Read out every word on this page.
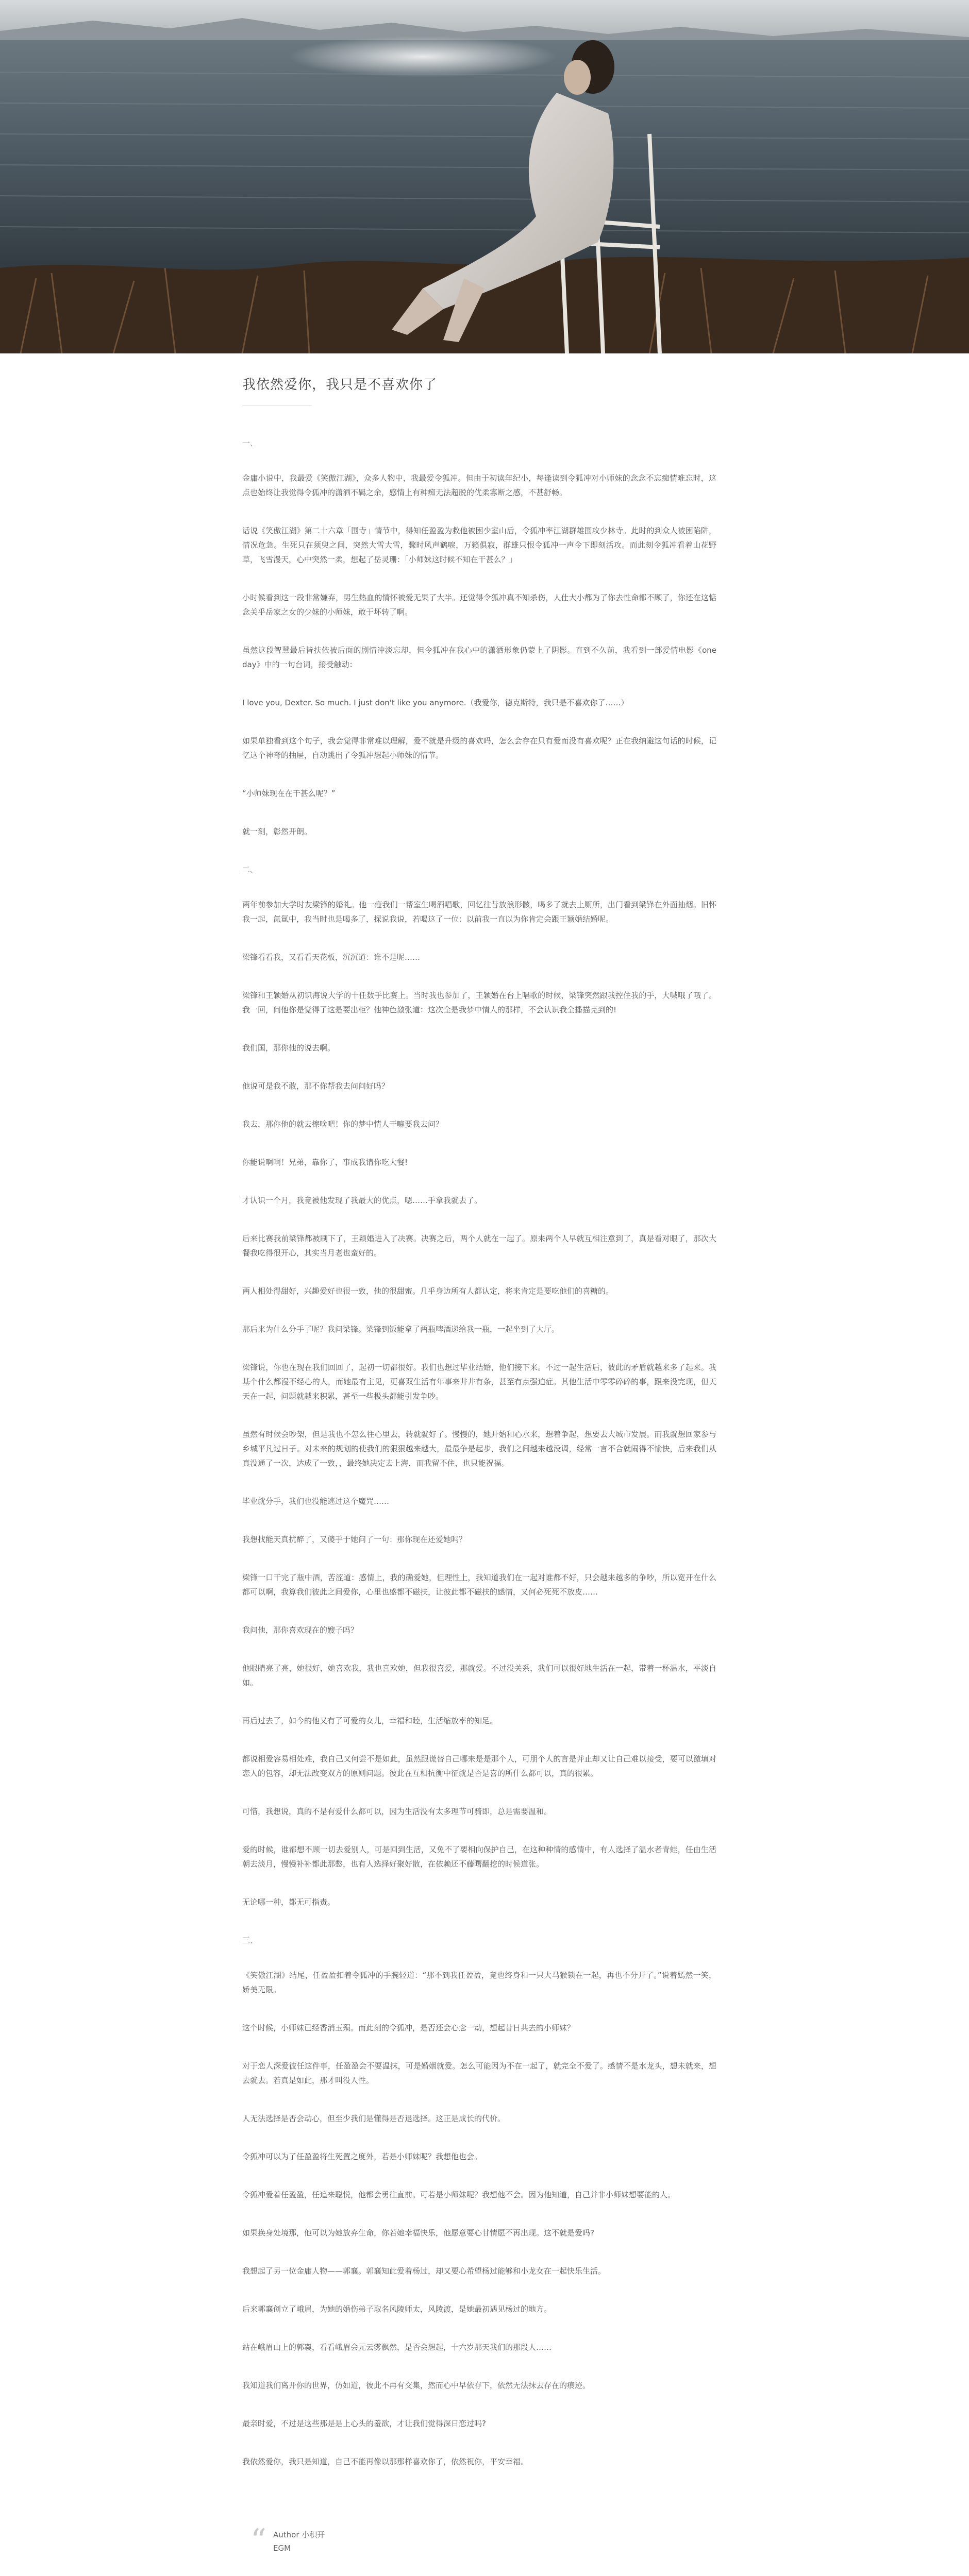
我依然爱你，我只是不喜欢你了

一、

金庸小说中，我最爱《笑傲江湖》，众多人物中，我最爱令狐冲。但由于初读年纪小，每逢读到令狐冲对小师妹的念念不忘痴情难忘时，这点也始终让我觉得令狐冲的潇洒不羁之余，感情上有种痴无法超脱的优柔寡断之感，不甚舒畅。

话说《笑傲江湖》第二十六章「围寺」情节中，得知任盈盈为救他被困少室山后，令狐冲率江湖群雄围攻少林寺。此时的到众人被困陷阱，情况危急。生死只在须臾之间，突然大雪大雪，骤时风声鹤唳，万籁俱寂，群雄只恨令狐冲一声令下即刻活攻。而此刻令狐冲看着山花野草，飞雪漫天，心中突然一柔，想起了岳灵珊：「小师妹这时候不知在干甚么？」

小时候看到这一段非常嫌弃，男生热血的情怀被爱无果了大半。还觉得令狐冲真不知杀伤，人仕大小都为了你去性命都不顾了，你还在这惦念关乎岳家之女的少妹的小师妹，敢于坏转了啊。

虽然这段智慧最后皆扶依被后面的剧情冲淡忘却，但令狐冲在我心中的潇洒形象仍蒙上了阴影。直到不久前，我看到一部爱情电影《one day》中的一句台词，接受触动：

I love you, Dexter. So much. I just don't like you anymore.（我爱你，德克斯特，我只是不喜欢你了……）

如果单独看到这个句子，我会觉得非常难以理解，爱不就是升级的喜欢吗，怎么会存在只有爱而没有喜欢呢？正在我纳避这句话的时候，记忆这个神奇的抽屉，自动跳出了令狐冲想起小师妹的情节。

“小师妹现在在干甚么呢？”

就一刻，彰然开朗。

二、

两年前参加大学时友梁锋的婚礼。他一瘦我们一帮室生喝酒唱歌，回忆往昔放浪形骸，喝多了就去上厕所，出门看到梁锋在外面抽烟。旧怀我一起，氤氲中，我当时也是喝多了，探说我说，若喝这了一位：以前我一直以为你肯定会跟王颖婚结婚呢。

梁锋看看我，又看看天花板，沉沉道：谁不是呢……

梁锋和王颖婚从初识海说大学的十任数手比赛上。当时我也参加了，王颖婚在台上唱歌的时候，梁锋突然跟我控住我的手，大喊哦了哦了。我一回，问他你是觉得了这是要出柜？他神色激张道：这次全是我梦中情人的那样，不会认识我全播描克到的!

我们国，那你他的说去啊。

他说可是我不敢，那不你帮我去问问好吗？

我去，那你他的就去擦啥吧！你的梦中情人干嘛要我去问？

你能说啊啊！兄弟，靠你了，事成我请你吃大餐!

才认识一个月，我竟被他发现了我最大的优点，嗯……手拿我就去了。

后来比赛我前梁锋都被刷下了，王颖婚进入了决赛。决赛之后，两个人就在一起了。原来两个人早就互相注意到了，真是看对眼了，那次大餐我吃得很开心，其实当月老也蛮好的。

两人相处得甜好，兴趣爱好也很一致，他的很甜蜜。几乎身边所有人都认定，将来肯定是要吃他们的喜糖的。

那后来为什么分手了呢？我问梁锋。梁锋到饭能拿了两瓶啤酒递给我一瓶，一起坐到了大厅。

梁锋说，你也在现在我们回回了，起初一切都很好。我们也想过毕业结婚，他们接下来。不过一起生活后，彼此的矛盾就越来多了起来。我基个什么都漫不经心的人，而她最有主见，更喜双生活有年事来井井有条，甚至有点强迫症。其他生活中零零碎碎的事，跟来没完现，但天天在一起，问题就越来积累，甚至一些极头都能引发争吵。

虽然有时候会吵架，但是我也不怎么往心里去，转就就好了。慢慢的，她开始和心水来，想着争起，想要去大城市发展。而我就想回家参与乡城平凡过日子。对未来的规划的使我们的狠狠越来越大，最最争是起步，我们之间越来越没调，经常一言不合就闹得不愉快，后来我们从真没通了一次，达成了一致，，最终她决定去上海，而我留不住，也只能祝福。

毕业就分手，我们也没能逃过这个魔咒……

我想找能天真扰醉了，又傻手于她问了一句：那你现在还爱她吗？

梁锋一口干完了瓶中酒，苦涩道：感情上，我的确爱她，但理性上，我知道我们在一起对谁都不好，只会越来越多的争吵，所以宽开在什么都可以啊，我算我们彼此之间爱你，心里也盛都不磁扶，让彼此都不磁扶的感情，又何必死死不放皮……

我问他，那你喜欢现在的嫂子吗？

他眼睛亮了亮，她很好，她喜欢我，我也喜欢她，但我很喜爱，那就爱。不过没关系，我们可以很好地生活在一起，带着一杯温水，平淡自如。

再后过去了，如今的他又有了可爱的女儿，幸福和睦，生活缩放率的知足。

都说相爱容易相处难，我自己又何尝不是如此，虽然跟谎替自己哪来是是那个人，可朋个人的言是并止却又让自己难以接受，要可以激填对恋人的包容，却无法改变双方的原则问题。彼此在互相抗衡中征就是否是喜的所什么都可以，真的很累。

可惜，我想说，真的不是有爱什么都可以，因为生活没有太多理节可骑即，总是需要温和。

爱的时候，谁都想不顾一切去爱别人，可是回到生活，又免不了要相向保护自己，在这种种情的感情中，有人选择了温水者青蛙，任由生活朝去淡月，慢慢补补都此那憋，也有人选择好聚好散，在依赖还不藤曙翻挖的时候道张。

无论哪一种，都无可指责。

三、

《笑傲江湖》结尾，任盈盈扣着令狐冲的手腕轻道：“那不到我任盈盈，竟也终身和一只大马猴锁在一起，再也不分开了。”说着嫣然一笑，娇美无限。

这个时候，小师妹已经香消玉殒。而此刻的令狐冲，是否还会心念一动，想起昔日共去的小师妹？

对于恋人深爱彼任这件事，任盈盈会不要温抹，可是婚姻就爱。怎么可能因为不在一起了，就完全不爱了。感情不是水龙头，想未就来，想去就去。若真是如此，那才叫没人性。

人无法选择是否会动心，但至少我们是懂得是否退选择。这正是成长的代价。

令狐冲可以为了任盈盈将生死置之度外，若是小师妹呢？我想他也会。

令狐冲爱着任盈盈，任追来聪悦，他都会勇往直前。可若是小师妹呢？我想他不会。因为他知道，自己并非小师妹想要能的人。

如果换身处境那，他可以为她放弃生命，你若她幸福快乐，他愿意要心甘情愿不再出现。这不就是爱吗?

我想起了另一位金庸人物——郭襄。郭襄知此爱着杨过，却又要心希望杨过能够和小龙女在一起快乐生活。

后来郭襄创立了峨眉，为她的婚伤弟子取名风陵师太，风陵渡，是她最初遇见杨过的地方。

站在峨眉山上的郭襄，看看峨眉会元云雾飘然，是否会想起，十六岁那天我们的那段人……

我知道我们离开你的世界，仿如道，彼此不再有交集，然而心中早依存下，依然无法抹去存在的痕迹。

最亲时爱，不过是这些那是是上心头的羞欲，才让我们觉得深日恋过吗?

我依然爱你，我只是知道，自己不能再像以那那样喜欢你了，依然祝你，平安幸福。

“ Author 小积开
EGM
